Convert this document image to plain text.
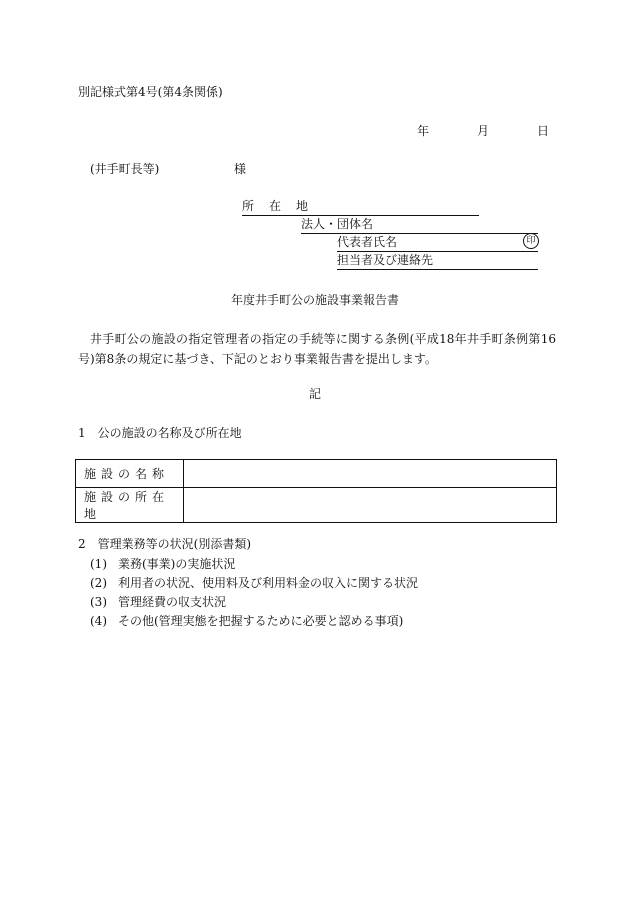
別記様式第4号(第4条関係)
年	月	日
(井手町長等)	様
所在地
法人・団体名
代表者氏名	印
担当者及び連絡先
年度井手町公の施設事業報告書
井手町公の施設の指定管理者の指定の手続等に関する条例(平成18年井手町条例第16号)第8条の規定に基づき、下記のとおり事業報告書を提出します。
記
1　公の施設の名称及び所在地
施設の名称	
施設の所在地	
2　管理業務等の状況(別添書類)
(1) 業務(事業)の実施状況
(2) 利用者の状況、使用料及び利用料金の収入に関する状況
(3) 管理経費の収支状況
(4) その他(管理実態を把握するために必要と認める事項)
